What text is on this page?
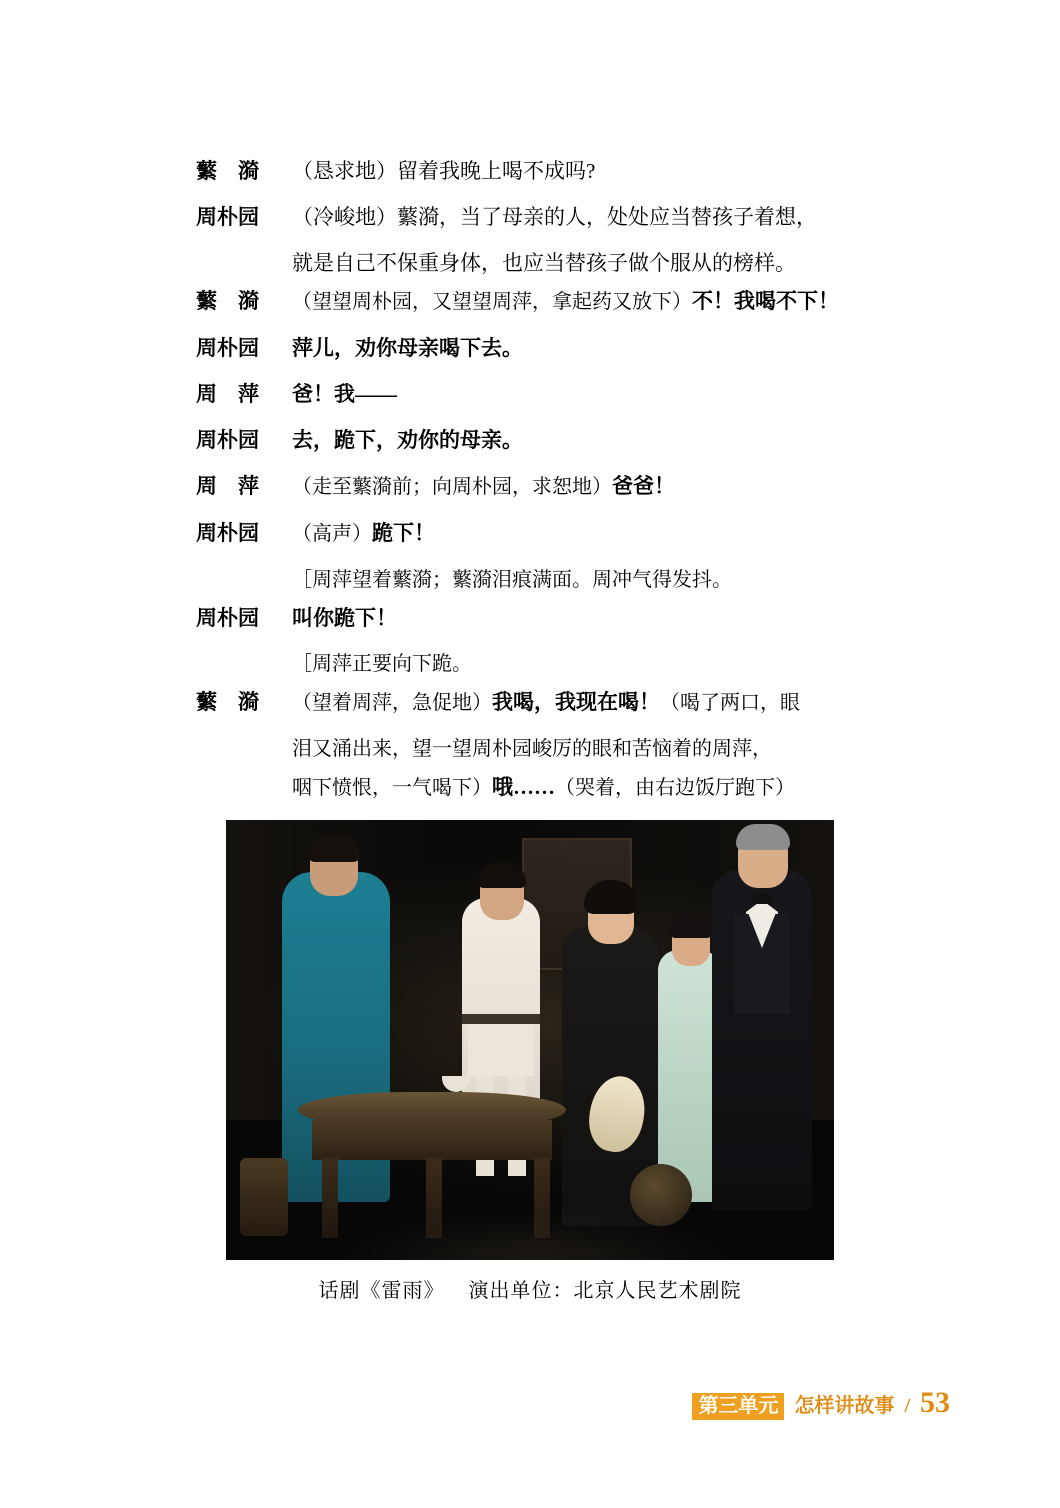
蘩　漪	（恳求地）留着我晚上喝不成吗?
周朴园	（冷峻地）蘩漪，当了母亲的人，处处应当替孩子着想，
就是自己不保重身体，也应当替孩子做个服从的榜样。
蘩　漪	（望望周朴园，又望望周萍，拿起药又放下）不！我喝不下！
周朴园	萍儿，劝你母亲喝下去。
周　萍	爸！我——
周朴园	去，跪下，劝你的母亲。
周　萍	（走至蘩漪前；向周朴园，求恕地）爸爸！
周朴园	（高声）跪下！
［周萍望着蘩漪；蘩漪泪痕满面。周冲气得发抖。
周朴园	叫你跪下！
［周萍正要向下跪。
蘩　漪	（望着周萍，急促地）我喝，我现在喝！（喝了两口，眼
泪又涌出来，望一望周朴园峻厉的眼和苦恼着的周萍，
咽下愤恨，一气喝下）哦……（哭着，由右边饭厅跑下）
话剧《雷雨》 演出单位：北京人民艺术剧院
第三单元 怎样讲故事 / 53
